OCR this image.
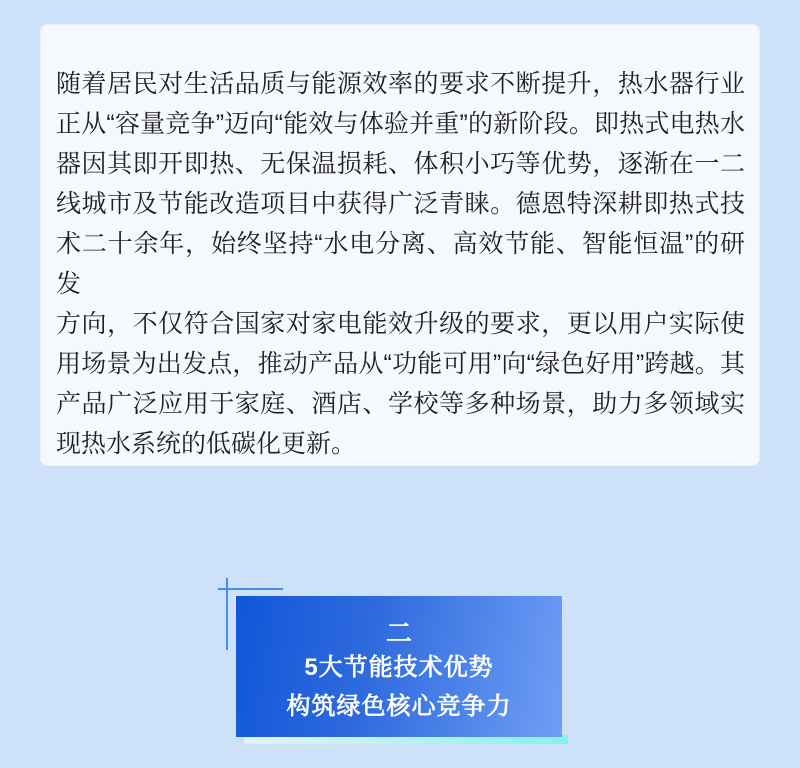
随着居民对生活品质与能源效率的要求不断提升，热水器行业
正从“容量竞争”迈向“能效与体验并重”的新阶段。即热式电热水
器因其即开即热、无保温损耗、体积小巧等优势，逐渐在一二
线城市及节能改造项目中获得广泛青睐。德恩特深耕即热式技
术二十余年，始终坚持“水电分离、高效节能、智能恒温”的研发
方向，不仅符合国家对家电能效升级的要求，更以用户实际使
用场景为出发点，推动产品从“功能可用”向“绿色好用”跨越。其
产品广泛应用于家庭、酒店、学校等多种场景，助力多领域实
现热水系统的低碳化更新。
二
5大节能技术优势
构筑绿色核心竞争力
